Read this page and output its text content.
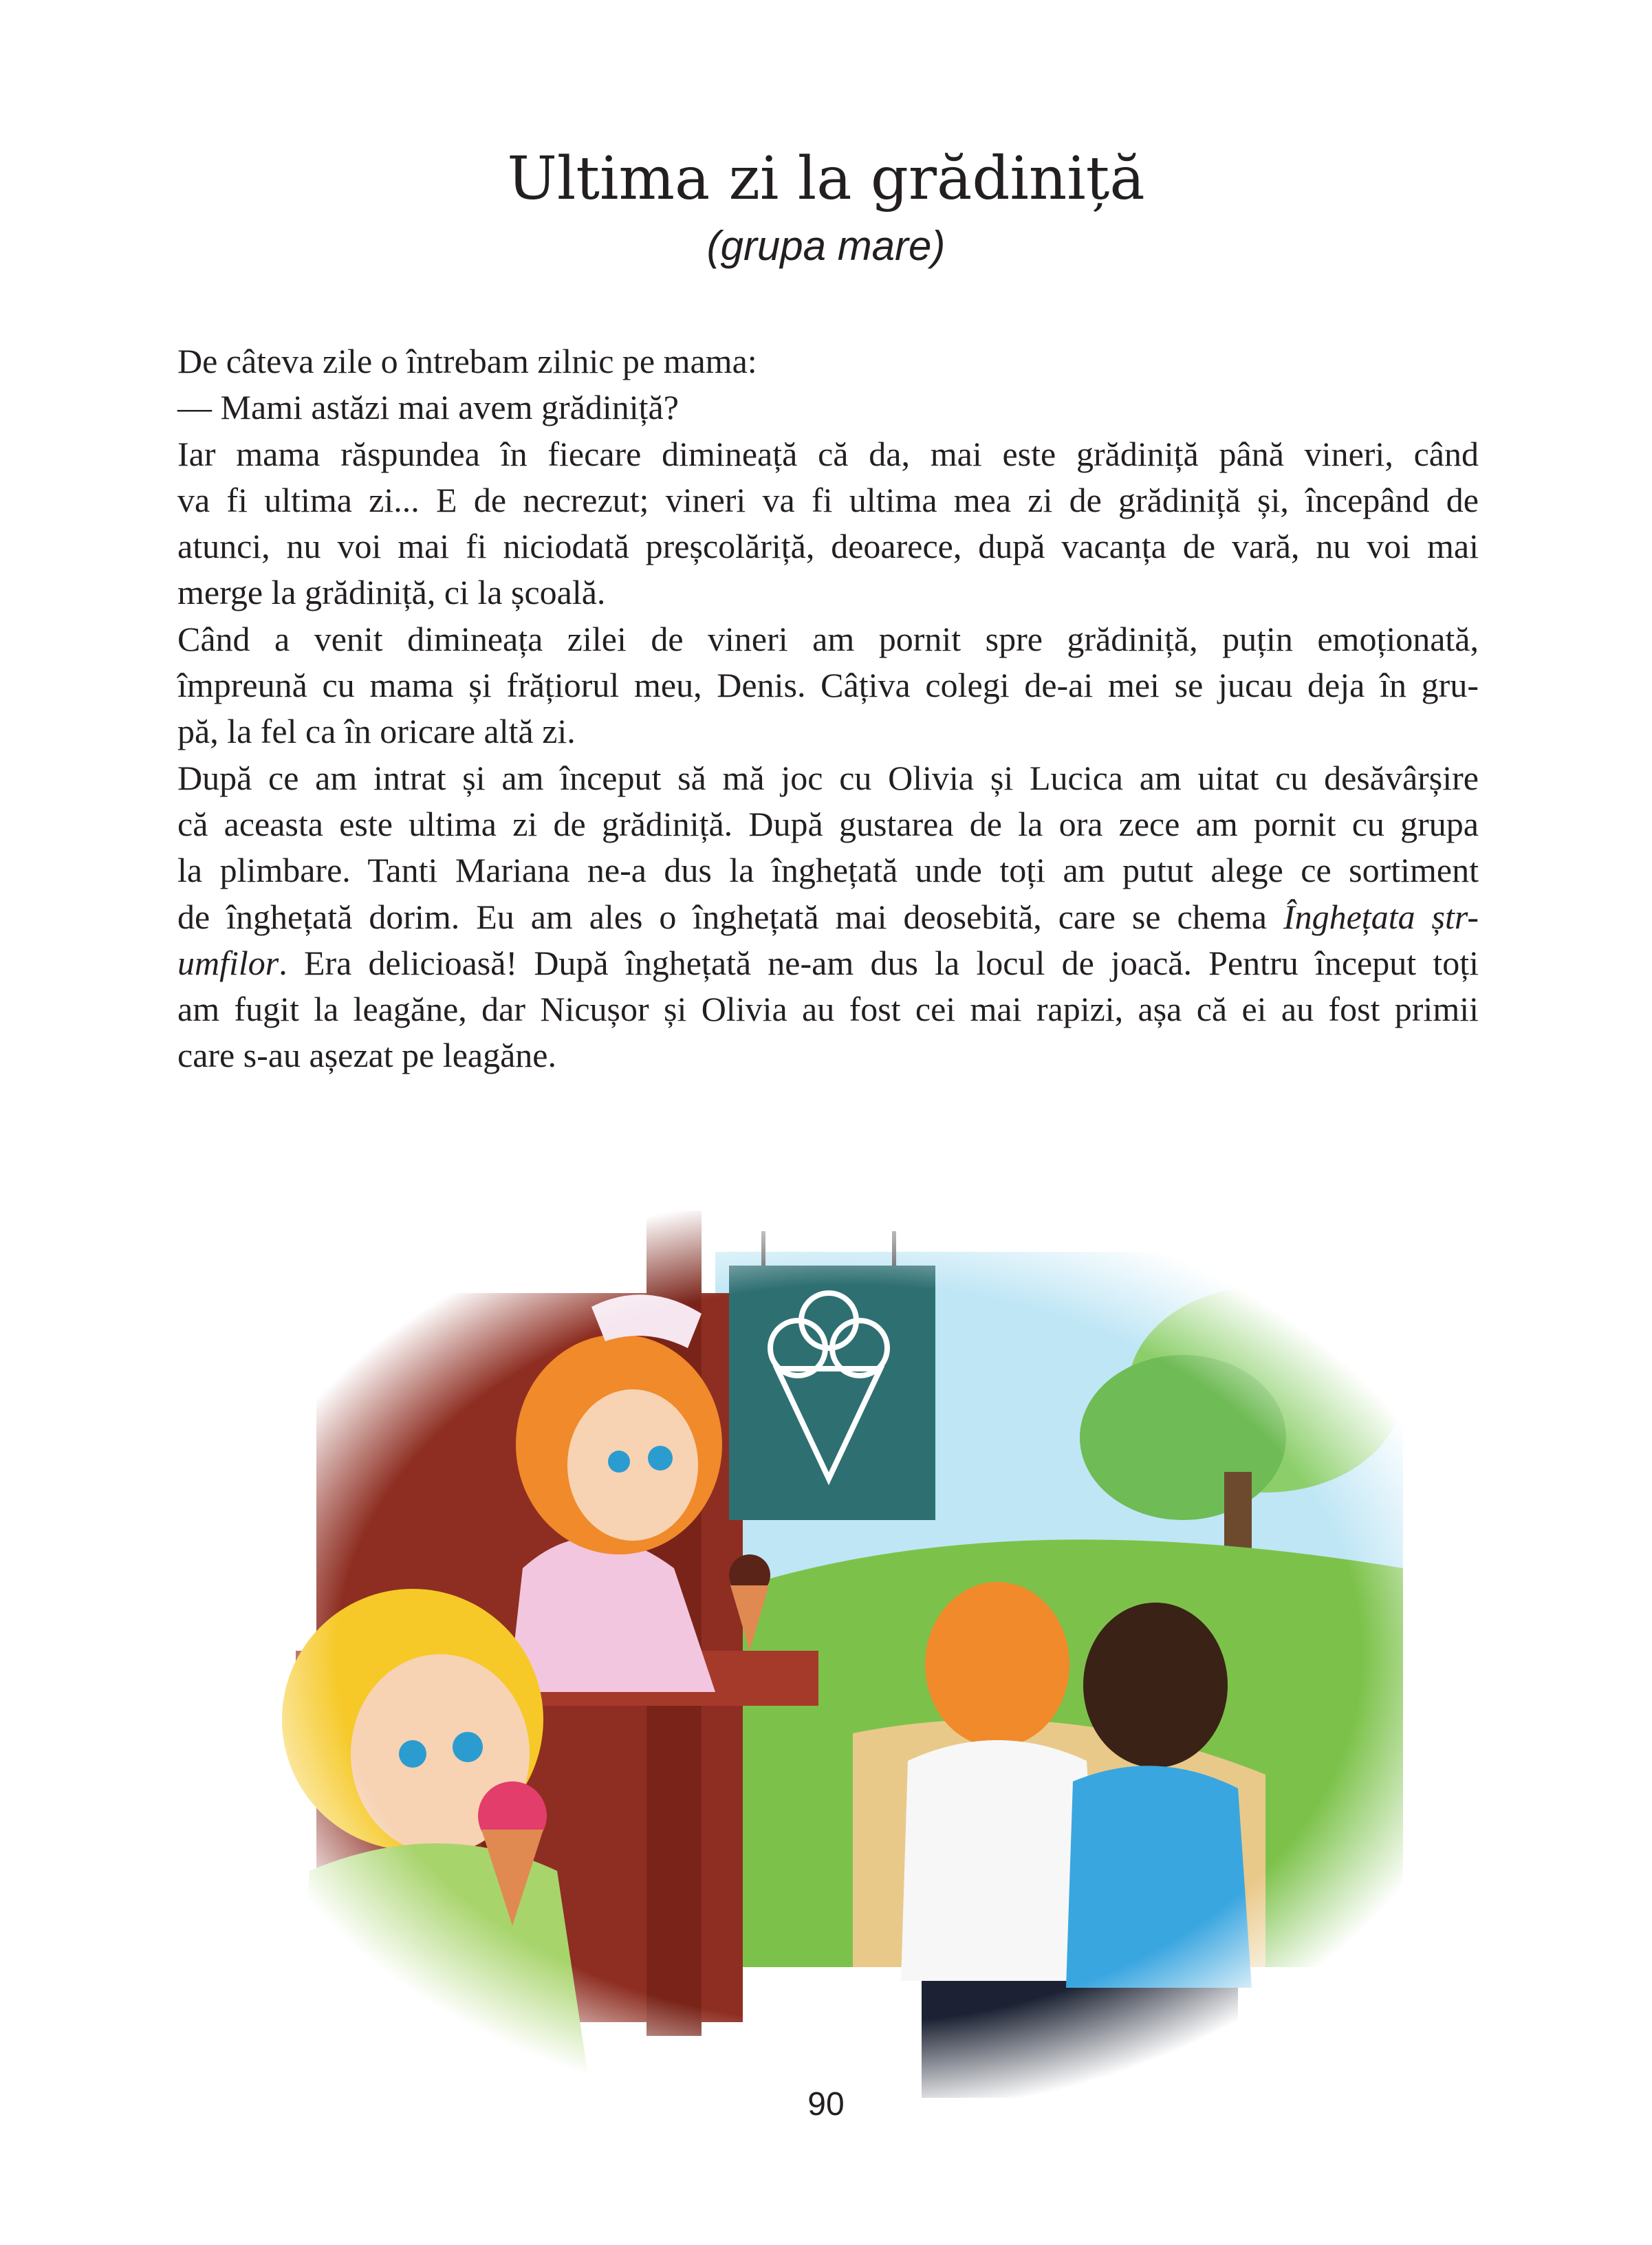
Ultima zi la grădiniță
(grupa mare)

De câteva zile o întrebam zilnic pe mama:

— Mami astăzi mai avem grădiniță?

Iar mama răspundea în fiecare dimineață că da, mai este grădiniță până vineri, când
va fi ultima zi... E de necrezut; vineri va fi ultima mea zi de grădiniță și, începând de
atunci, nu voi mai fi niciodată preșcolăriță, deoarece, după vacanța de vară, nu voi mai
merge la grădiniță, ci la școală.

Când a venit dimineața zilei de vineri am pornit spre grădiniță, puțin emoționată,
împreună cu mama și frățiorul meu, Denis. Câțiva colegi de-ai mei se jucau deja în gru-
pă, la fel ca în oricare altă zi.

După ce am intrat și am început să mă joc cu Olivia și Lucica am uitat cu desăvârșire
că aceasta este ultima zi de grădiniță. După gustarea de la ora zece am pornit cu grupa
la plimbare. Tanti Mariana ne-a dus la înghețată unde toți am putut alege ce sortiment
de înghețată dorim. Eu am ales o înghețată mai deosebită, care se chema Înghețata ștr-
umfilor. Era delicioasă! După înghețată ne-am dus la locul de joacă. Pentru început toți
am fugit la leagăne, dar Nicușor și Olivia au fost cei mai rapizi, așa că ei au fost primii
care s-au așezat pe leagăne.

90
